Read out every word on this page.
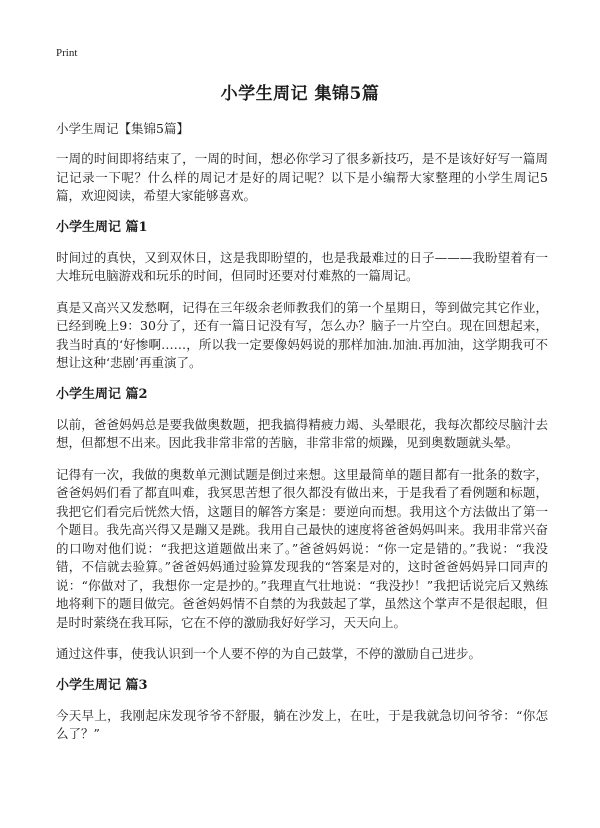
Print
小学生周记 集锦5篇

小学生周记【集锦5篇】

一周的时间即将结束了，一周的时间，想必你学习了很多新技巧，是不是该好好写一篇周记记录一下呢？什么样的周记才是好的周记呢？以下是小编帮大家整理的小学生周记5篇，欢迎阅读，希望大家能够喜欢。

小学生周记 篇1

时间过的真快，又到双休日，这是我即盼望的，也是我最难过的日子———我盼望着有一大堆玩电脑游戏和玩乐的时间，但同时还要对付难熬的一篇周记。

真是又高兴又发愁啊，记得在三年级余老师教我们的第一个星期日，等到做完其它作业，已经到晚上9：30分了，还有一篇日记没有写，怎么办？脑子一片空白。现在回想起来，我当时真的‘好惨啊……，所以我一定要像妈妈说的那样加油.加油.再加油，这学期我可不想让这种‘悲剧’再重演了。

小学生周记 篇2

以前，爸爸妈妈总是要我做奥数题，把我搞得精疲力竭、头晕眼花，我每次都绞尽脑汁去想，但都想不出来。因此我非常非常的苦脑，非常非常的烦躁，见到奥数题就头晕。

记得有一次，我做的奥数单元测试题是倒过来想。这里最简单的题目都有一批条的数字，爸爸妈妈们看了都直叫难，我冥思苦想了很久都没有做出来，于是我看了看例题和标题，我把它们看完后恍然大悟，这题目的解答方案是：要逆向而想。我用这个方法做出了第一个题目。我先高兴得又是蹦又是跳。我用自己最快的速度将爸爸妈妈叫来。我用非常兴奋的口吻对他们说：“我把这道题做出来了。”爸爸妈妈说：“你一定是错的。”我说：“我没错，不信就去验算。”爸爸妈妈通过验算发现我的“答案是对的，这时爸爸妈妈异口同声的说：“你做对了，我想你一定是抄的。”我理直气壮地说：“我没抄！”我把话说完后又熟练地将剩下的题目做完。爸爸妈妈情不自禁的为我鼓起了掌，虽然这个掌声不是很起眼，但是时时萦绕在我耳际，它在不停的激励我好好学习，天天向上。

通过这件事，使我认识到一个人要不停的为自己鼓掌，不停的激励自己进步。

小学生周记 篇3

今天早上，我刚起床发现爷爷不舒服，躺在沙发上，在吐，于是我就急切问爷爷：“你怎么了？”
